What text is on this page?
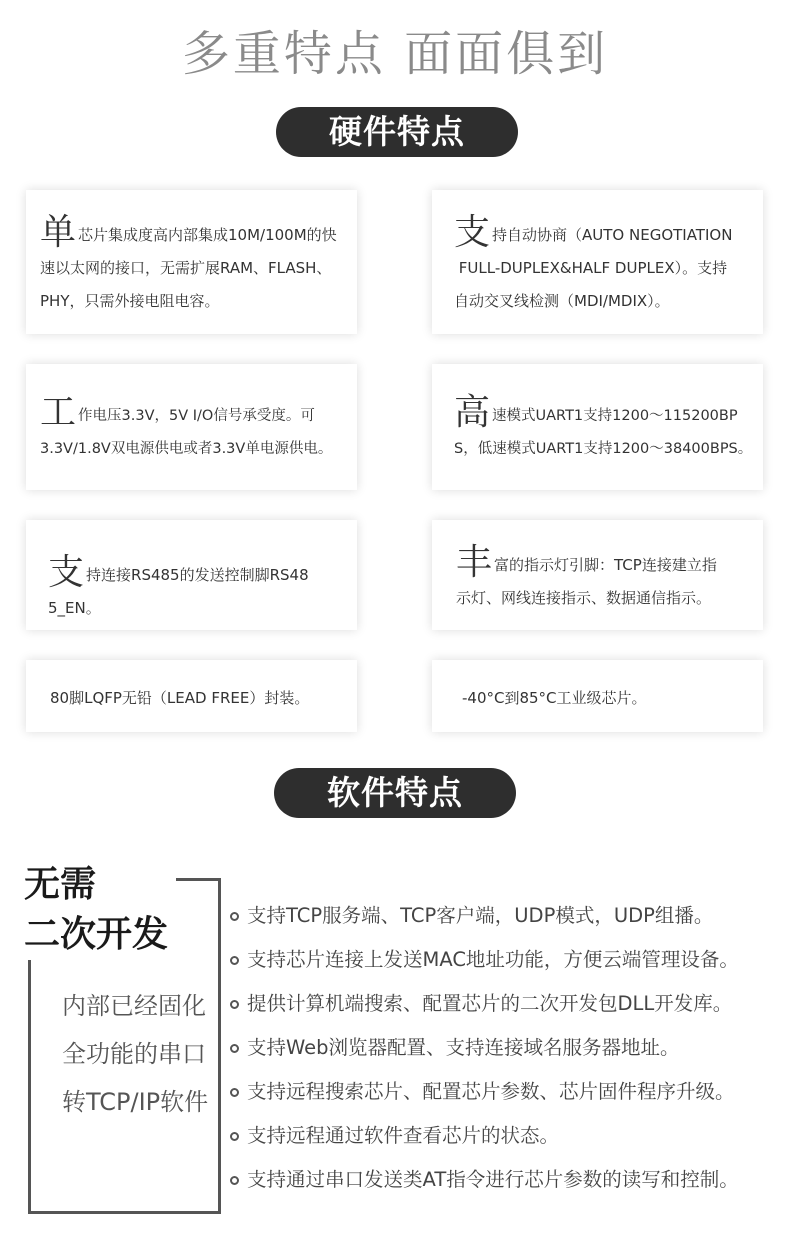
多重特点 面面俱到
硬件特点
单芯片集成度高内部集成10M/100M的快
速以太网的接口，无需扩展RAM、FLASH、
PHY，只需外接电阻电容。
支持自动协商（AUTO NEGOTIATION
FULL-DUPLEX&HALF DUPLEX）。支持
自动交叉线检测（MDI/MDIX）。
工作电压3.3V，5V I/O信号承受度。可
3.3V/1.8V双电源供电或者3.3V单电源供电。
高速模式UART1支持1200～115200BP
S，低速模式UART1支持1200～38400BPS。
支持连接RS485的发送控制脚RS48
5_EN。
丰富的指示灯引脚：TCP连接建立指
示灯、网线连接指示、数据通信指示。
80脚LQFP无铅（LEAD FREE）封装。	-40°C到85°C工业级芯片。
软件特点
无需
二次开发
内部已经固化全功能的串口转TCP/IP软件
支持TCP服务端、TCP客户端，UDP模式，UDP组播。
支持芯片连接上发送MAC地址功能，方便云端管理设备。
提供计算机端搜索、配置芯片的二次开发包DLL开发库。
支持Web浏览器配置、支持连接域名服务器地址。
支持远程搜索芯片、配置芯片参数、芯片固件程序升级。
支持远程通过软件查看芯片的状态。
支持通过串口发送类AT指令进行芯片参数的读写和控制。
